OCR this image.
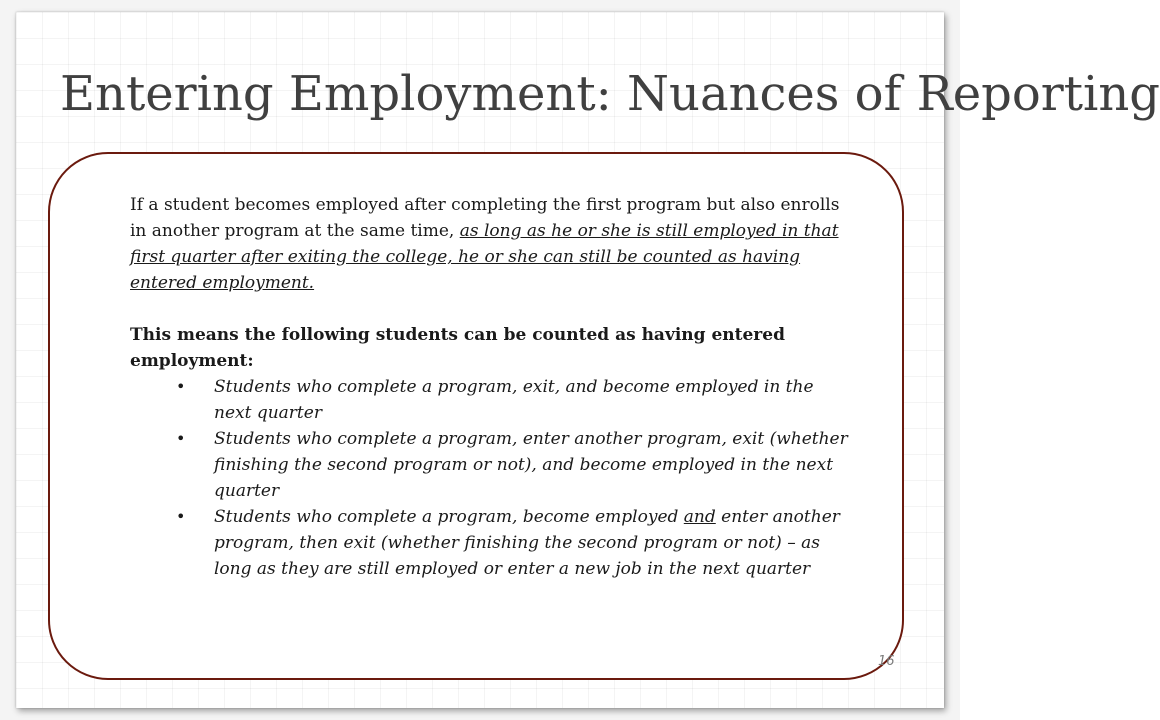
Entering Employment: Nuances of Reporting

If a student becomes employed after completing the first program but also enrolls in another program at the same time, as long as he or she is still employed in that first quarter after exiting the college, he or she can still be counted as having entered employment.

This means the following students can be counted as having entered employment:

• Students who complete a program, exit, and become employed in the next quarter
• Students who complete a program, enter another program, exit (whether finishing the second program or not), and become employed in the next quarter
• Students who complete a program, become employed and enter another program, then exit (whether finishing the second program or not) – as long as they are still employed or enter a new job in the next quarter
16
